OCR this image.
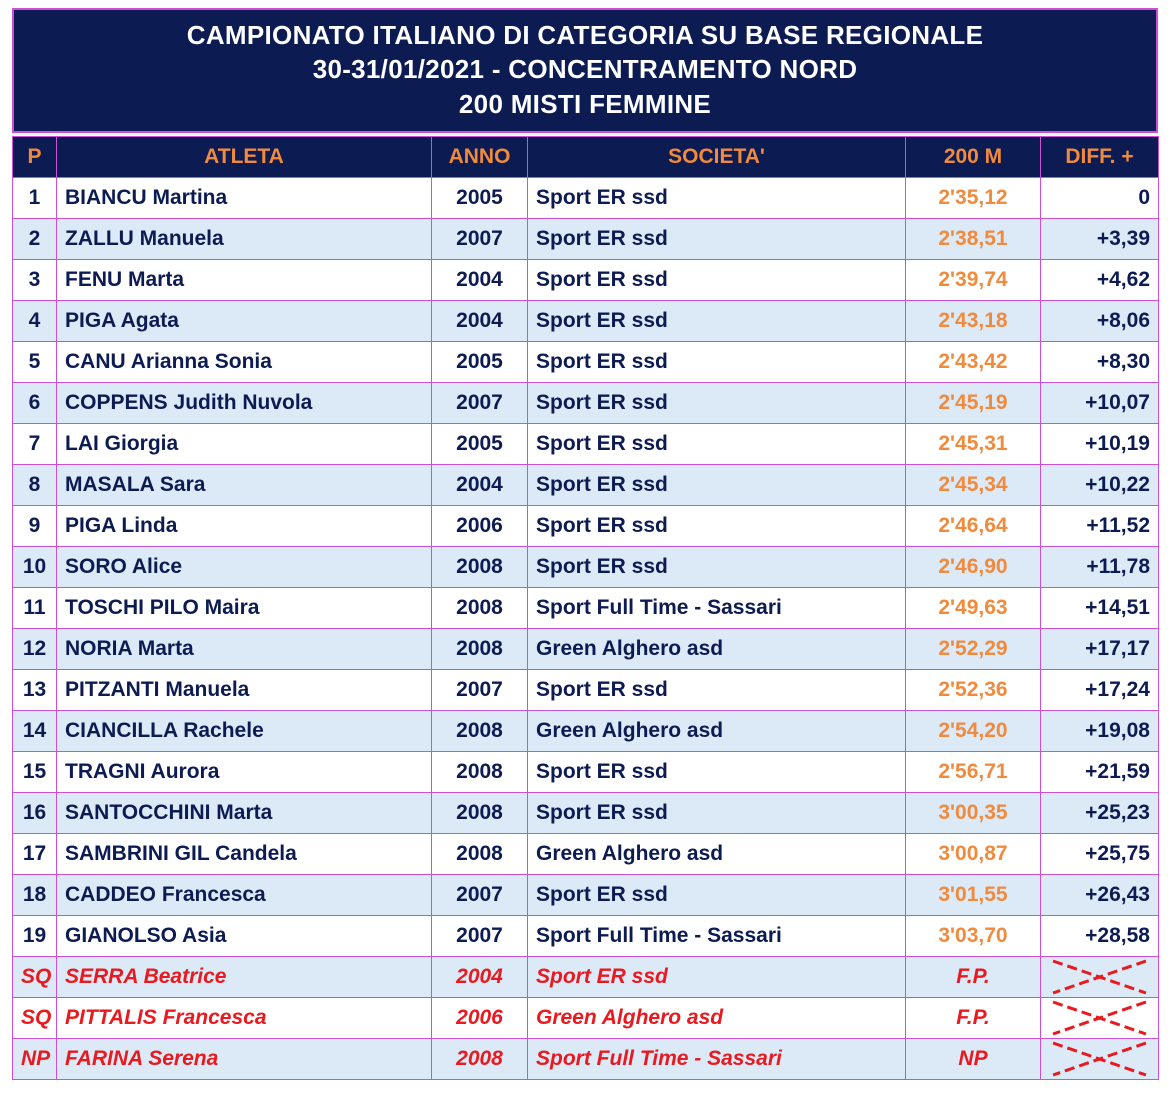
CAMPIONATO ITALIANO DI CATEGORIA SU BASE REGIONALE
30-31/01/2021 - CONCENTRAMENTO NORD
200 MISTI FEMMINE
P	ATLETA	ANNO	SOCIETA'	200 M	DIFF. +
1	BIANCU Martina	2005	Sport ER ssd	2'35,12	0
2	ZALLU Manuela	2007	Sport ER ssd	2'38,51	+3,39
3	FENU Marta	2004	Sport ER ssd	2'39,74	+4,62
4	PIGA Agata	2004	Sport ER ssd	2'43,18	+8,06
5	CANU Arianna Sonia	2005	Sport ER ssd	2'43,42	+8,30
6	COPPENS Judith Nuvola	2007	Sport ER ssd	2'45,19	+10,07
7	LAI Giorgia	2005	Sport ER ssd	2'45,31	+10,19
8	MASALA Sara	2004	Sport ER ssd	2'45,34	+10,22
9	PIGA Linda	2006	Sport ER ssd	2'46,64	+11,52
10	SORO Alice	2008	Sport ER ssd	2'46,90	+11,78
11	TOSCHI PILO Maira	2008	Sport Full Time - Sassari	2'49,63	+14,51
12	NORIA Marta	2008	Green Alghero asd	2'52,29	+17,17
13	PITZANTI Manuela	2007	Sport ER ssd	2'52,36	+17,24
14	CIANCILLA Rachele	2008	Green Alghero asd	2'54,20	+19,08
15	TRAGNI Aurora	2008	Sport ER ssd	2'56,71	+21,59
16	SANTOCCHINI Marta	2008	Sport ER ssd	3'00,35	+25,23
17	SAMBRINI GIL Candela	2008	Green Alghero asd	3'00,87	+25,75
18	CADDEO Francesca	2007	Sport ER ssd	3'01,55	+26,43
19	GIANOLSO Asia	2007	Sport Full Time - Sassari	3'03,70	+28,58
SQ	SERRA Beatrice	2004	Sport ER ssd	F.P.	

SQ	PITTALIS Francesca	2006	Green Alghero asd	F.P.	

NP	FARINA Serena	2008	Sport Full Time - Sassari	NP	
